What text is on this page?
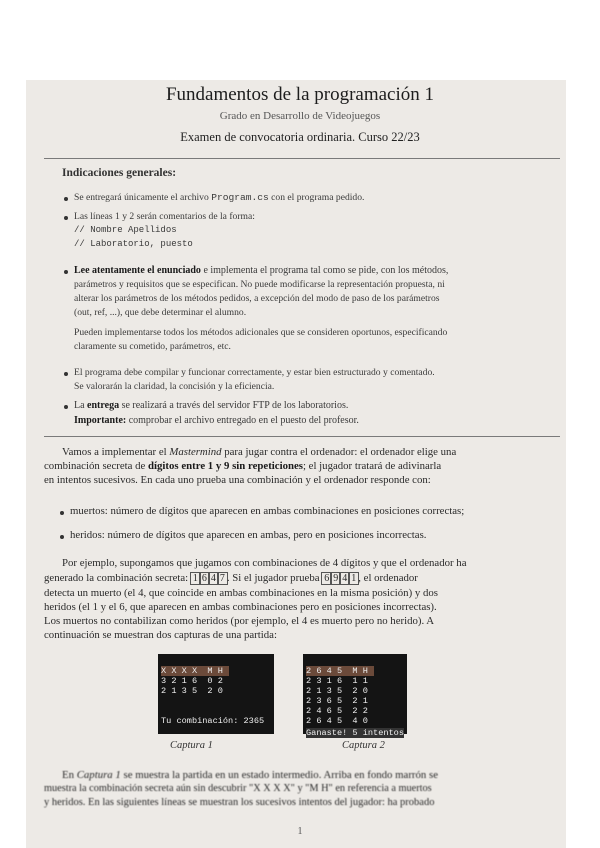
Fundamentos de la programación 1
Grado en Desarrollo de Videojuegos
Examen de convocatoria ordinaria. Curso 22/23
Indicaciones generales:
Se entregará únicamente el archivo Program.cs con el programa pedido.
Las líneas 1 y 2 serán comentarios de la forma:
// Nombre Apellidos
// Laboratorio, puesto
Lee atentamente el enunciado e implementa el programa tal como se pide, con los métodos,
parámetros y requisitos que se especifican. No puede modificarse la representación propuesta, ni
alterar los parámetros de los métodos pedidos, a excepción del modo de paso de los parámetros
(out, ref, ...), que debe determinar el alumno.
Pueden implementarse todos los métodos adicionales que se consideren oportunos, especificando
claramente su cometido, parámetros, etc.
El programa debe compilar y funcionar correctamente, y estar bien estructurado y comentado.
Se valorarán la claridad, la concisión y la eficiencia.
La entrega se realizará a través del servidor FTP de los laboratorios.
Importante: comprobar el archivo entregado en el puesto del profesor.
Vamos a implementar el Mastermind para jugar contra el ordenador: el ordenador elige una
combinación secreta de dígitos entre 1 y 9 sin repeticiones; el jugador tratará de adivinarla
en intentos sucesivos. En cada uno prueba una combinación y el ordenador responde con:
muertos: número de dígitos que aparecen en ambas combinaciones en posiciones correctas;
heridos: número de dígitos que aparecen en ambas, pero en posiciones incorrectas.
Por ejemplo, supongamos que jugamos con combinaciones de 4 dígitos y que el ordenador ha
generado la combinación secreta: 1 6 4 7 . Si el jugador prueba 6 9 4 1 , el ordenador
detecta un muerto (el 4, que coincide en ambas combinaciones en la misma posición) y dos
heridos (el 1 y el 6, que aparecen en ambas combinaciones pero en posiciones incorrectas).
Los muertos no contabilizan como heridos (por ejemplo, el 4 es muerto pero no herido). A
continuación se muestran dos capturas de una partida:

X X X X  M H
3 2 1 6  0 2
2 1 3 5  2 0
Tu combinación: 2365
Captura 1

2 6 4 5  M H
2 3 1 6  1 1
2 1 3 5  2 0
2 3 6 5  2 1
2 4 6 5  2 2
2 6 4 5  4 0
Ganaste! 5 intentos
Captura 2
En Captura 1 se muestra la partida en un estado intermedio. Arriba en fondo marrón se
muestra la combinación secreta aún sin descubrir "X X X X" y "M H" en referencia a muertos
y heridos. En las siguientes líneas se muestran los sucesivos intentos del jugador: ha probado
1
